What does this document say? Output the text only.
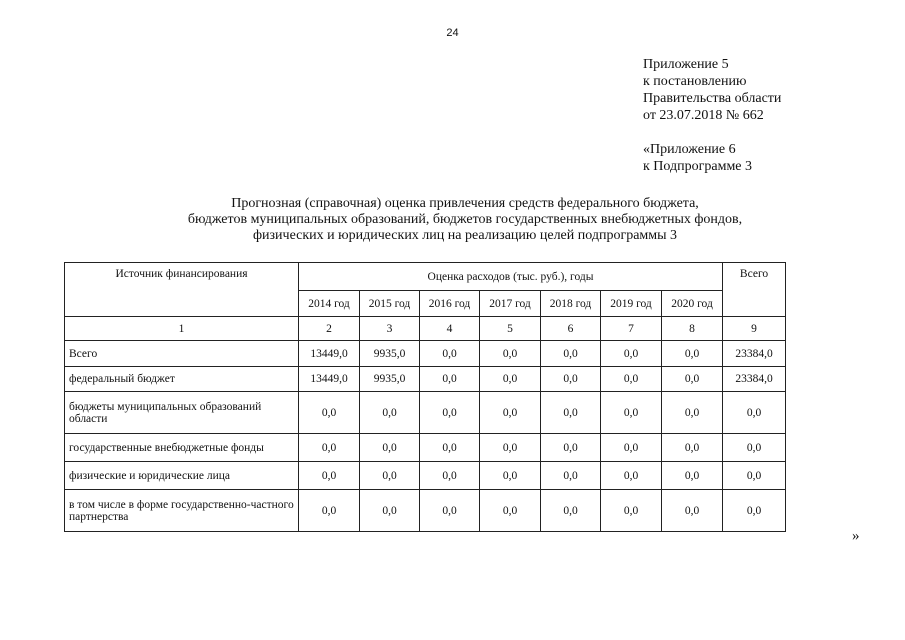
24
Приложение 5
к постановлению
Правительства области
от 23.07.2018 № 662
«Приложение 6
к Подпрограмме 3
Прогнозная (справочная) оценка привлечения средств федерального бюджета,
бюджетов муниципальных образований, бюджетов государственных внебюджетных фондов,
физических и юридических лиц на реализацию целей подпрограммы 3
Источник финансирования	Оценка расходов (тыс. руб.), годы							Всего
	2014 год	2015 год	2016 год	2017 год	2018 год	2019 год	2020 год	
1	2	3	4	5	6	7	8	9
Всего	13449,0	9935,0	0,0	0,0	0,0	0,0	0,0	23384,0
федеральный бюджет	13449,0	9935,0	0,0	0,0	0,0	0,0	0,0	23384,0
бюджеты муниципальных образований области	0,0	0,0	0,0	0,0	0,0	0,0	0,0	0,0
государственные внебюджетные фонды	0,0	0,0	0,0	0,0	0,0	0,0	0,0	0,0
физические и юридические лица	0,0	0,0	0,0	0,0	0,0	0,0	0,0	0,0
в том числе в форме государственно-частного партнерства	0,0	0,0	0,0	0,0	0,0	0,0	0,0	0,0
»
